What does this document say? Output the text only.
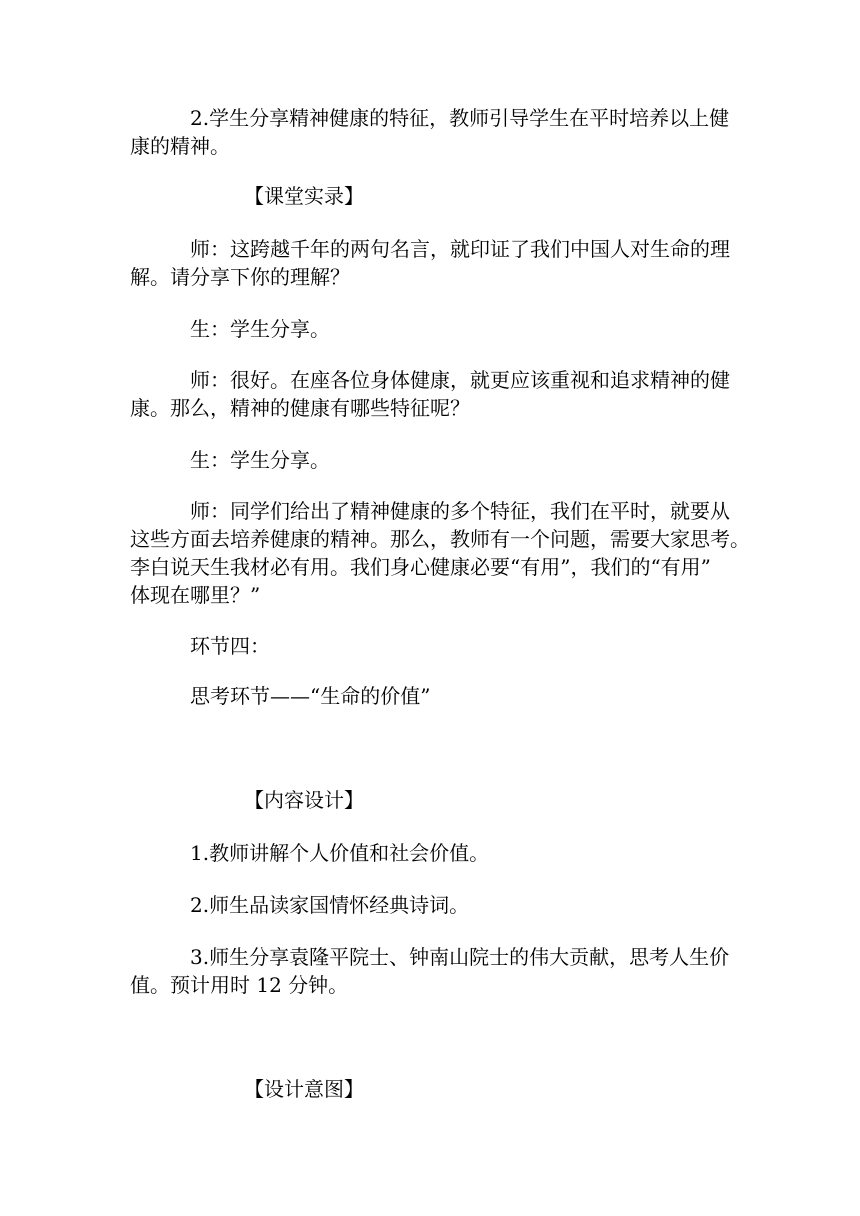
2.学生分享精神健康的特征，教师引导学生在平时培养以上健
康的精神。
【课堂实录】
师：这跨越千年的两句名言，就印证了我们中国人对生命的理
解。请分享下你的理解？
生：学生分享。
师：很好。在座各位身体健康，就更应该重视和追求精神的健
康。那么，精神的健康有哪些特征呢？
生：学生分享。
师：同学们给出了精神健康的多个特征，我们在平时，就要从
这些方面去培养健康的精神。那么，教师有一个问题，需要大家思考。
李白说天生我材必有用。我们身心健康必要“有用”，我们的“有用”
体现在哪里？”
环节四：
思考环节——“生命的价值”
【内容设计】
1.教师讲解个人价值和社会价值。
2.师生品读家国情怀经典诗词。
3.师生分享袁隆平院士、钟南山院士的伟大贡献，思考人生价
值。预计用时 12 分钟。
【设计意图】
